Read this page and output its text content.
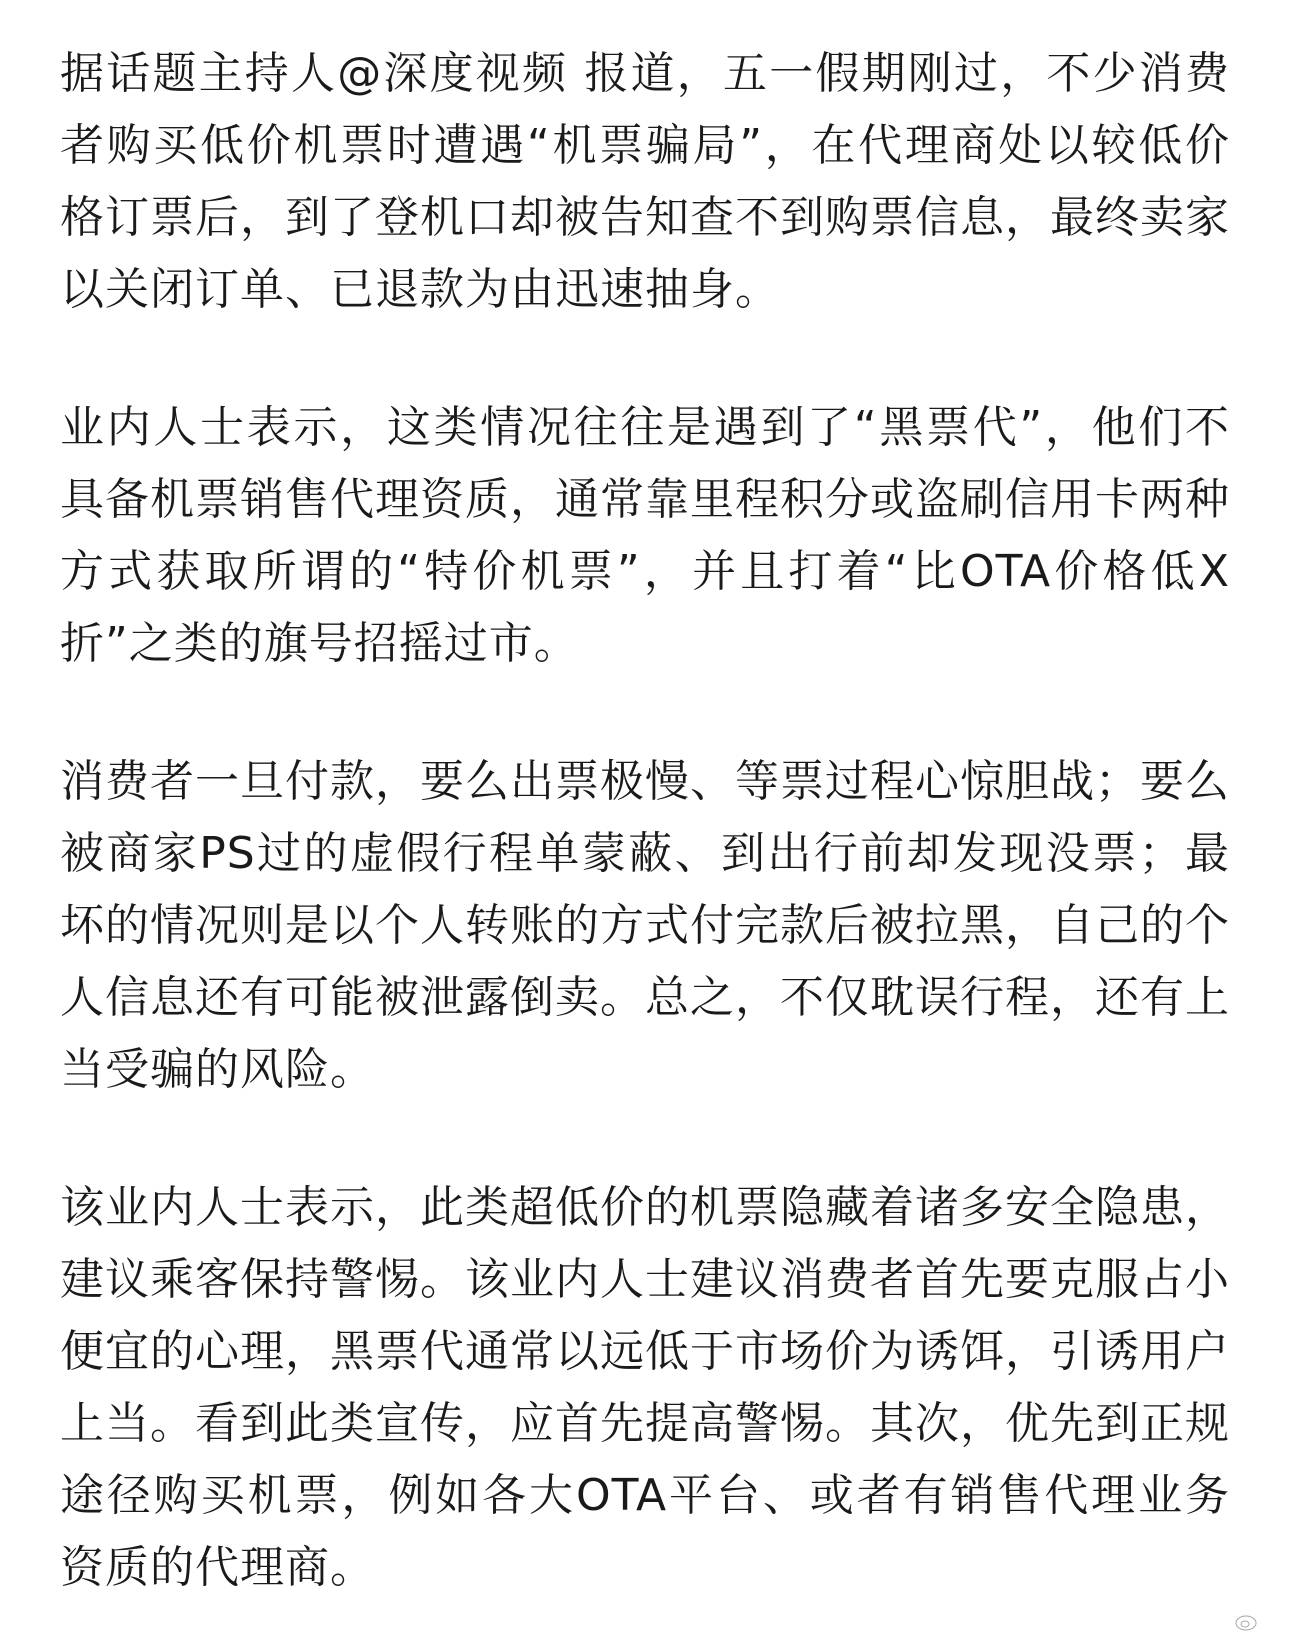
据话题主持人@深度视频 报道，五一假期刚过，不少消费者购买低价机票时遭遇“机票骗局”，在代理商处以较低价格订票后，到了登机口却被告知查不到购票信息，最终卖家以关闭订单、已退款为由迅速抽身。

业内人士表示，这类情况往往是遇到了“黑票代”，他们不具备机票销售代理资质，通常靠里程积分或盗刷信用卡两种方式获取所谓的“特价机票”，并且打着“比OTA价格低X折”之类的旗号招摇过市。

消费者一旦付款，要么出票极慢、等票过程心惊胆战；要么被商家PS过的虚假行程单蒙蔽、到出行前却发现没票；最坏的情况则是以个人转账的方式付完款后被拉黑，自己的个人信息还有可能被泄露倒卖。总之，不仅耽误行程，还有上当受骗的风险。

该业内人士表示，此类超低价的机票隐藏着诸多安全隐患，建议乘客保持警惕。该业内人士建议消费者首先要克服占小便宜的心理，黑票代通常以远低于市场价为诱饵，引诱用户上当。看到此类宣传，应首先提高警惕。其次，优先到正规途径购买机票，例如各大OTA平台、或者有销售代理业务资质的代理商。
